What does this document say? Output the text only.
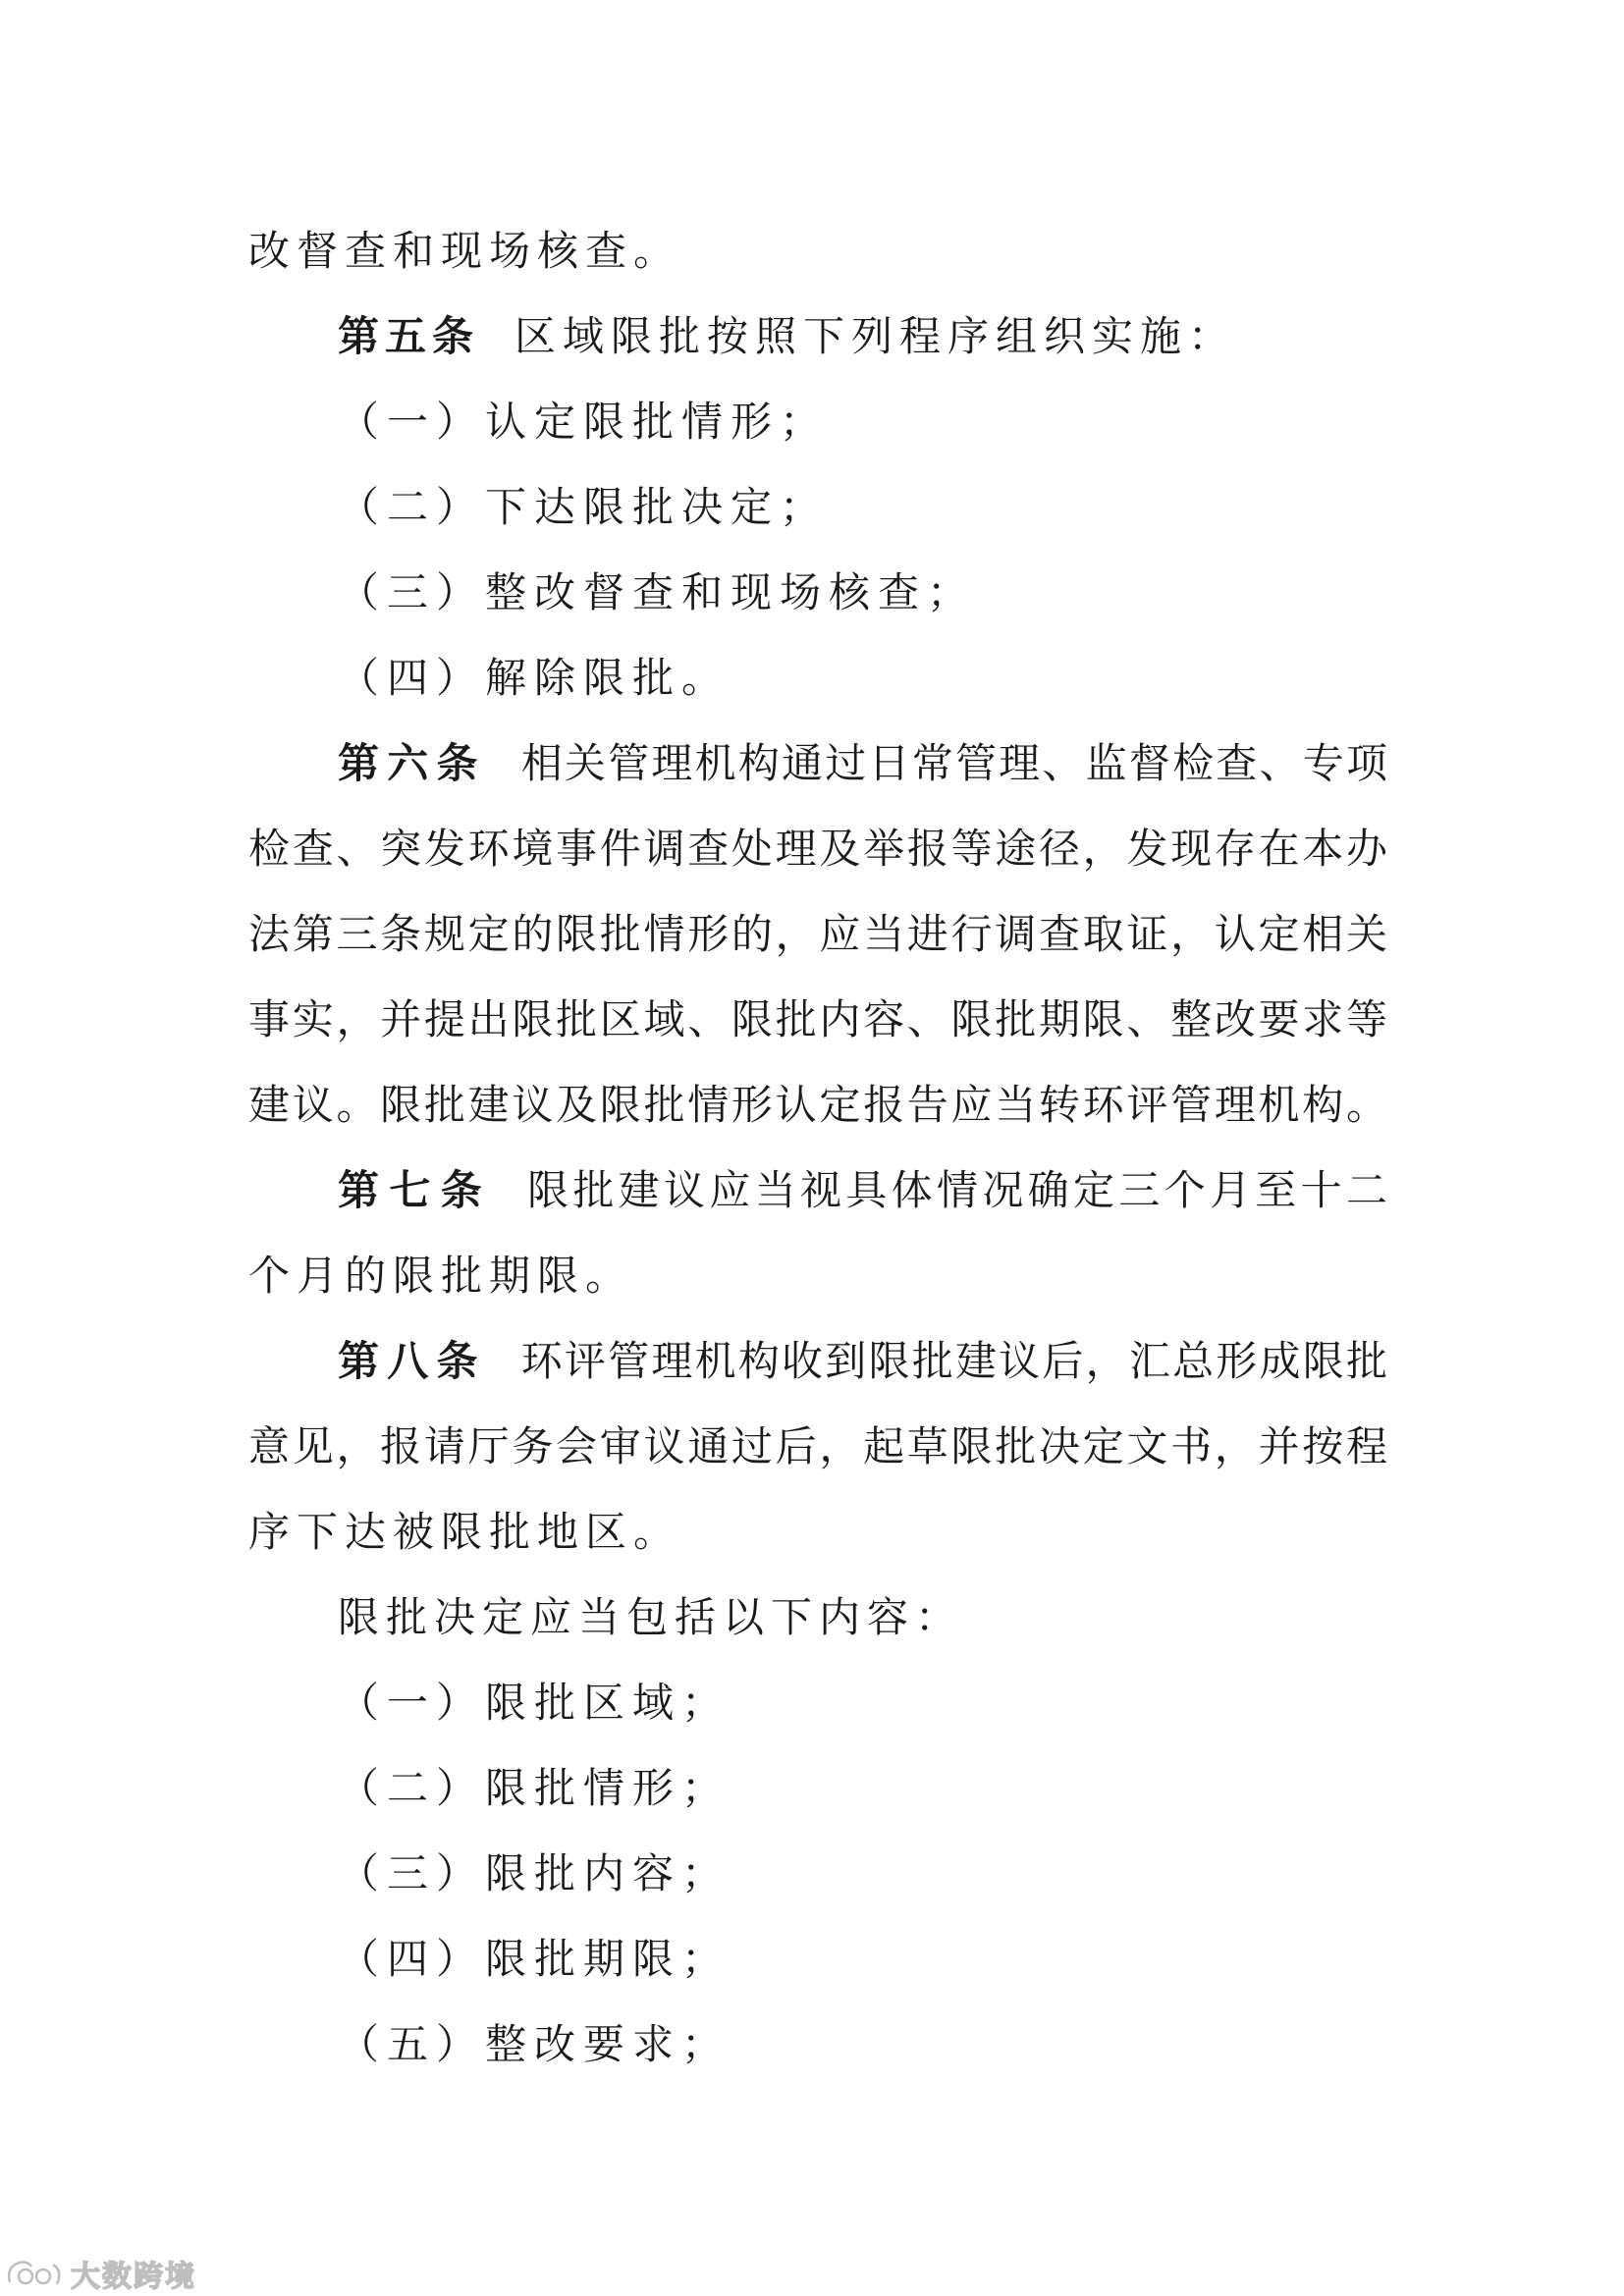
改督查和现场核查。
第五条 区域限批按照下列程序组织实施：
（一）认定限批情形；
（二）下达限批决定；
（三）整改督查和现场核查；
（四）解除限批。
第六条 相关管理机构通过日常管理、监督检查、专项
检查、突发环境事件调查处理及举报等途径，发现存在本办
法第三条规定的限批情形的，应当进行调查取证，认定相关
事实，并提出限批区域、限批内容、限批期限、整改要求等
建议。限批建议及限批情形认定报告应当转环评管理机构。
第七条 限批建议应当视具体情况确定三个月至十二
个月的限批期限。
第八条 环评管理机构收到限批建议后，汇总形成限批
意见，报请厅务会审议通过后，起草限批决定文书，并按程
序下达被限批地区。
限批决定应当包括以下内容：
（一）限批区域；
（二）限批情形；
（三）限批内容；
（四）限批期限；
（五）整改要求；
大数跨境
